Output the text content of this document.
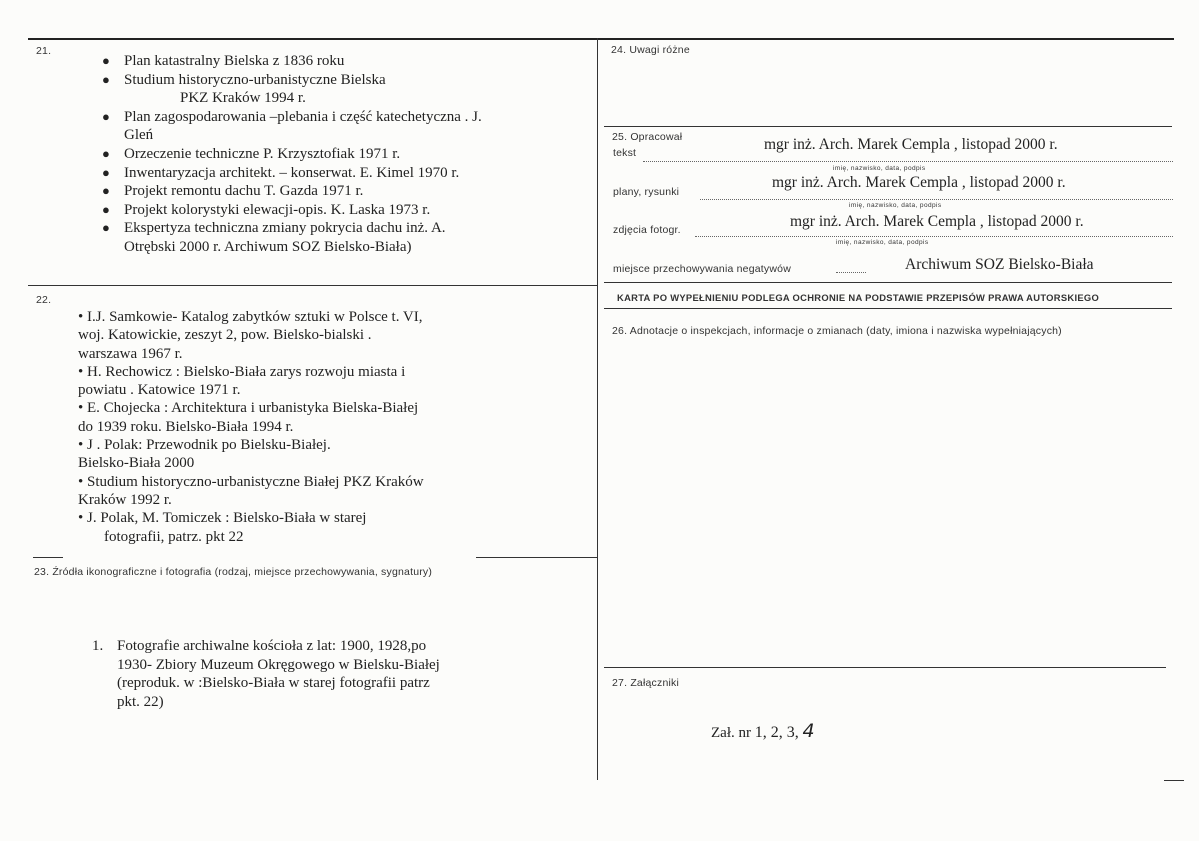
21.
● Plan katastralny Bielska z 1836 roku
● Studium historyczno-urbanistyczne Bielska
PKZ Kraków 1994 r.
● Plan zagospodarowania –plebania i część katechetyczna . J.
Gleń
● Orzeczenie techniczne P. Krzysztofiak 1971 r.
● Inwentaryzacja architekt. – konserwat. E. Kimel 1970 r.
● Projekt remontu dachu T. Gazda 1971 r.
● Projekt kolorystyki elewacji-opis. K. Laska 1973 r.
● Ekspertyza techniczna zmiany pokrycia dachu inż. A.
Otrębski 2000 r. Archiwum SOZ Bielsko-Biała)
22.

• I.J. Samkowie- Katalog zabytków sztuki w Polsce t. VI,
woj. Katowickie, zeszyt 2, pow. Bielsko-bialski .
warszawa 1967 r.

• H. Rechowicz : Bielsko-Biała zarys rozwoju miasta i
powiatu . Katowice 1971 r.

• E. Chojecka : Architektura i urbanistyka Bielska-Białej
do 1939 roku. Bielsko-Biała 1994 r.

• J . Polak: Przewodnik po Bielsku-Białej.
Bielsko-Biała 2000

• Studium historyczno-urbanistyczne Białej PKZ Kraków
Kraków 1992 r.

• J. Polak, M. Tomiczek : Bielsko-Biała w starej
fotografii, patrz. pkt 22

23. Źródła ikonograficzne i fotografia (rodzaj, miejsce przechowywania, sygnatury)
1. Fotografie archiwalne kościoła z lat: 1900, 1928,po
1930- Zbiory Muzeum Okręgowego w Bielsku-Białej
(reproduk. w :Bielsko-Biała w starej fotografii patrz
pkt. 22)
24. Uwagi różne
25. Opracował
tekst	mgr inż. Arch. Marek Cempla , listopad 2000 r.
imię, nazwisko, data, podpis
plany, rysunki
mgr inż. Arch. Marek Cempla , listopad 2000 r.
imię, nazwisko, data, podpis
zdjęcia fotogr.	mgr inż. Arch. Marek Cempla , listopad 2000 r.
imię, nazwisko, data, podpis
miejsce przechowywania negatywów	Archiwum SOZ Bielsko-Biała
KARTA PO WYPEŁNIENIU PODLEGA OCHRONIE NA PODSTAWIE PRZEPISÓW PRAWA AUTORSKIEGO
26. Adnotacje o inspekcjach, informacje o zmianach (daty, imiona i nazwiska wypełniających)
27. Załączniki
Zał. nr 1, 2, 3, 4
